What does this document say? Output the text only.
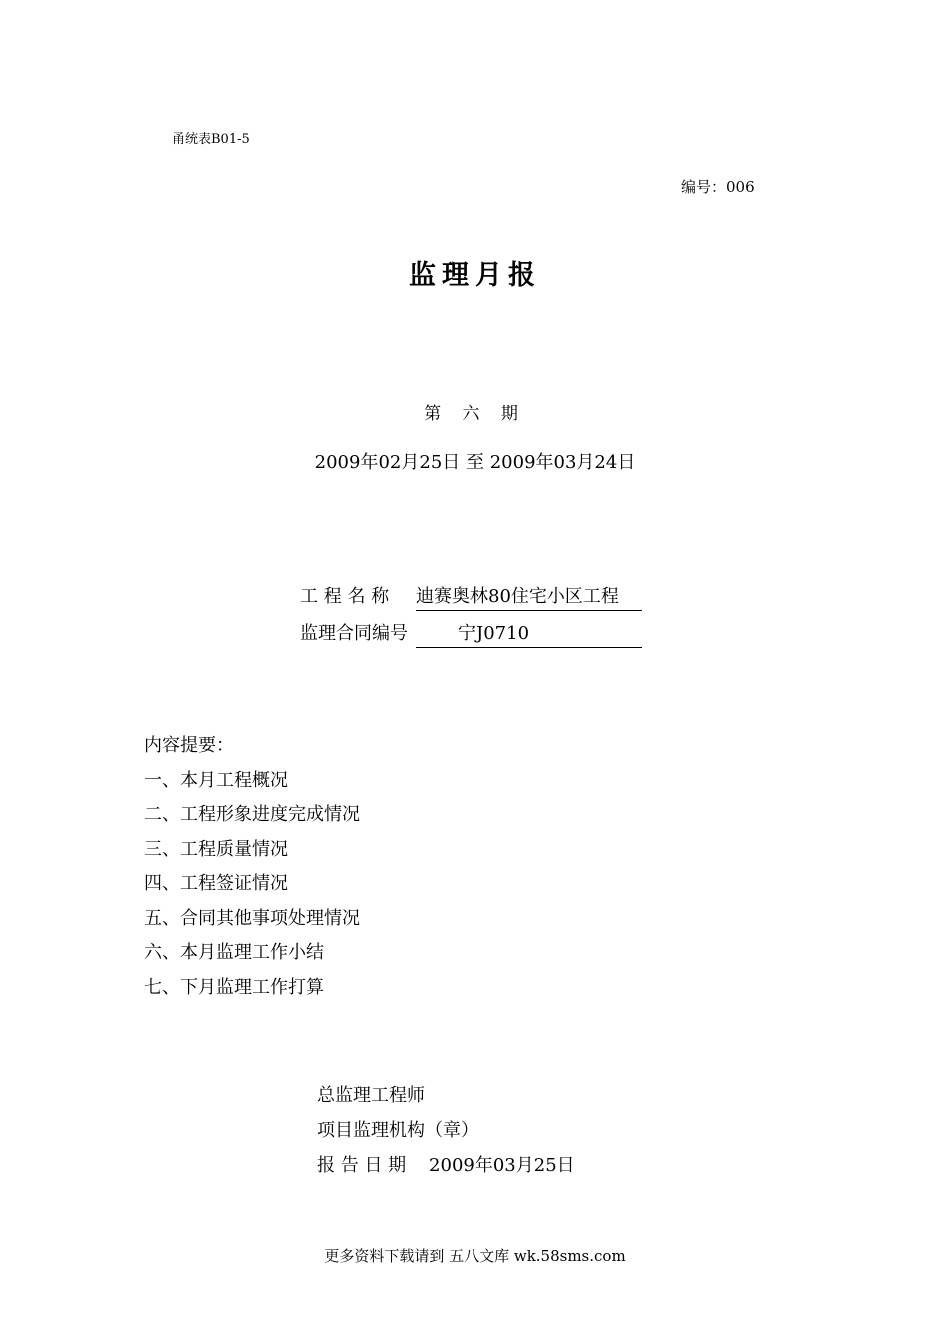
甬统表B01-5
编号：006
监理月报
第 六 期
2009年02月25日 至 2009年03月24日
工 程 名 称 迪赛奥林80住宅小区工程
监理合同编号	宁J0710
内容提要：
一、本月工程概况
二、工程形象进度完成情况
三、工程质量情况
四、工程签证情况
五、合同其他事项处理情况
六、本月监理工作小结
七、下月监理工作打算
总监理工程师
项目监理机构（章）
报 告 日 期    2009年03月25日
更多资料下载请到 五八文库 wk.58sms.com
